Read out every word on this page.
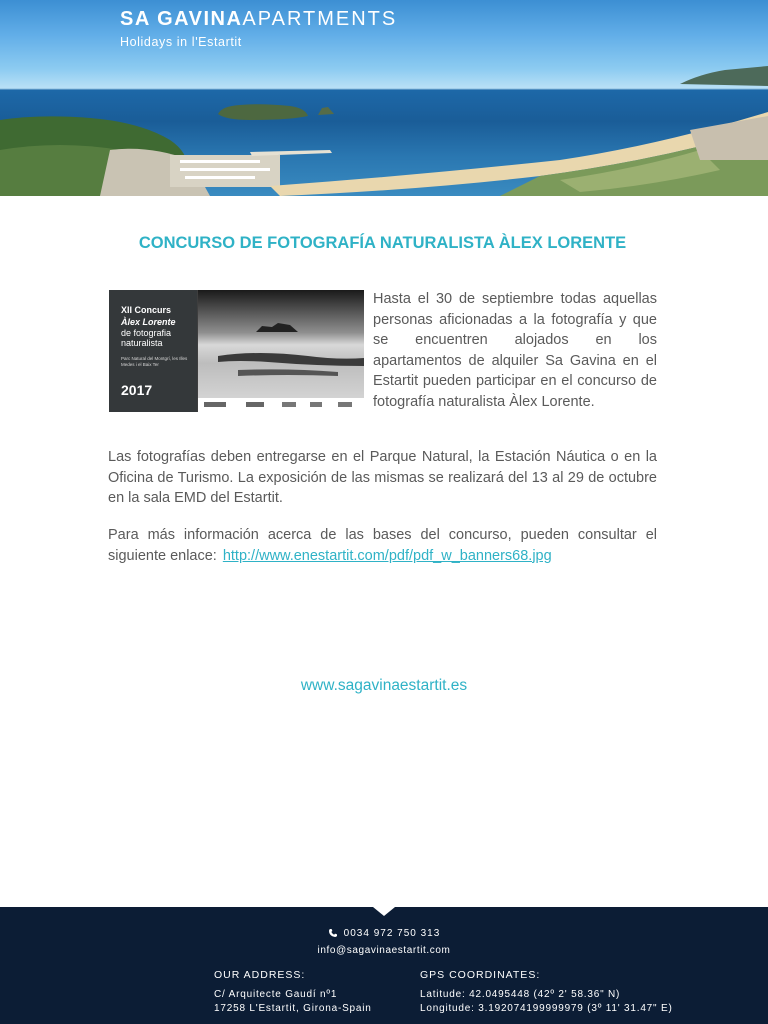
SA GAVINAAPARTMENTS
Holidays in l'Estartit
CONCURSO DE FOTOGRAFÍA NATURALISTA ÀLEX LORENTE
XII Concurs
Àlex Lorente
de fotografia naturalista
Parc Natural del Montgrí, les Illes Medes i el Baix Ter
2017
Hasta el 30 de septiembre todas aquellas personas aficionadas a la fotografía y que se encuentren alojados en los apartamentos de alquiler Sa Gavina en el Estartit pueden participar en el concurso de fotografía naturalista Àlex Lorente.
Las fotografías deben entregarse en el Parque Natural, la Estación Náutica o en la Oficina de Turismo. La exposición de las mismas se realizará del 13 al 29 de octubre en la sala EMD del Estartit.
Para más información acerca de las bases del concurso, pueden consultar el siguiente enlace: http://www.enestartit.com/pdf/pdf_w_banners68.jpg
www.sagavinaestartit.es
0034 972 750 313
info@sagavinaestartit.com
OUR ADDRESS:
C/ Arquitecte Gaudí nº1
17258 L'Estartit, Girona-Spain
GPS COORDINATES:
Latitude: 42.0495448 (42º 2' 58.36" N)
Longitude: 3.192074199999979 (3º 11' 31.47" E)
